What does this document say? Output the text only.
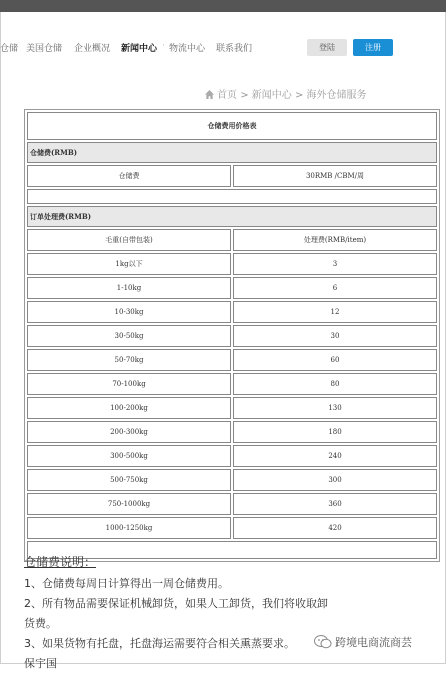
仓储 美国仓储 企业概况 新闻中心 · 物流中心 联系我们	登陆	注册
首页 > 新闻中心 > 海外仓储服务
仓储费用价格表	
仓储费(RMB)	
仓储费	30RMB /CBM/周

订单处理费(RMB)	
毛重(自带包装)	处理费(RMB/item)
1kg以下	3
1-10kg	6
10-30kg	12
30-50kg	30
50-70kg	60
70-100kg	80
100-200kg	130
200-300kg	180
300-500kg	240
500-750kg	300
750-1000kg	360
1000-1250kg	420

仓储费说明：
1、仓储费每周日计算得出一周仓储费用。
2、所有物品需要保证机械卸货，如果人工卸货，我们将收取卸
货费。
3、如果货物有托盘，托盘海运需要符合相关熏蒸要求。
保宇国
跨境电商流商芸
